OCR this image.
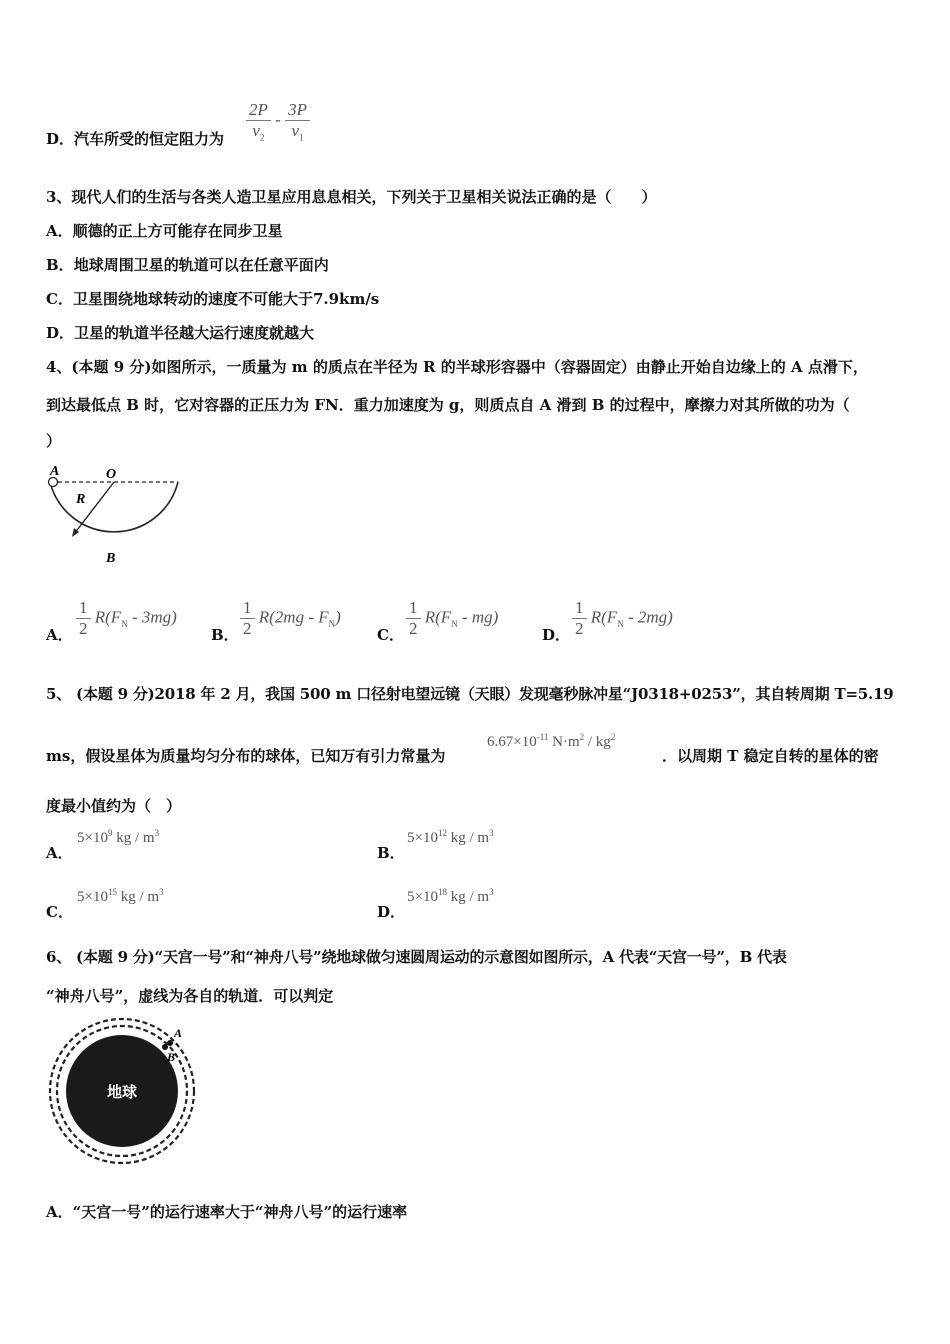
D．汽车所受的恒定阻力为 $\frac{2P}{v_2} - \frac{3P}{v_1}$
3、现代人们的生活与各类人造卫星应用息息相关，下列关于卫星相关说法正确的是（　　）
A．顺德的正上方可能存在同步卫星
B．地球周围卫星的轨道可以在任意平面内
C．卫星围绕地球转动的速度不可能大于7.9km/s
D．卫星的轨道半径越大运行速度就越大
4、(本题 9 分)如图所示，一质量为 m 的质点在半径为 R 的半球形容器中（容器固定）由静止开始自边缘上的 A 点滑下，
到达最低点 B 时，它对容器的正压力为 FN．重力加速度为 g，则质点自 A 滑到 B 的过程中，摩擦力对其所做的功为（
）
A	O
R
B
A． $\frac{1}{2} R(F_N - 3mg)$
B． $\frac{1}{2} R(2mg - F_N)$
C． $\frac{1}{2} R(F_N - mg)$
D． $\frac{1}{2} R(F_N - 2mg)$
5、 (本题 9 分)2018 年 2 月，我国 500 m 口径射电望远镜（天眼）发现毫秒脉冲星“J0318+0253”，其自转周期 T=5.19
ms，假设星体为质量均匀分布的球体，已知万有引力常量为
$6.67\times 10^{-11}$ $N\cdot m^2 / kg^2$
．以周期 T 稳定自转的星体的密
度最小值约为（　）
A．
$5\times 10^9$ kg / $m^3$
B．
$5\times 10^{12}$ kg / $m^3$
C．
$5\times 10^{15}$ kg / $m^3$
D．
$5\times 10^{18}$ kg / $m^3$
6、 (本题 9 分)“天宫一号”和“神舟八号”绕地球做匀速圆周运动的示意图如图所示，A 代表“天宫一号”，B 代表
“神舟八号”，虚线为各自的轨道．可以判定
地球
A
B
A．“天宫一号”的运行速率大于“神舟八号”的运行速率
